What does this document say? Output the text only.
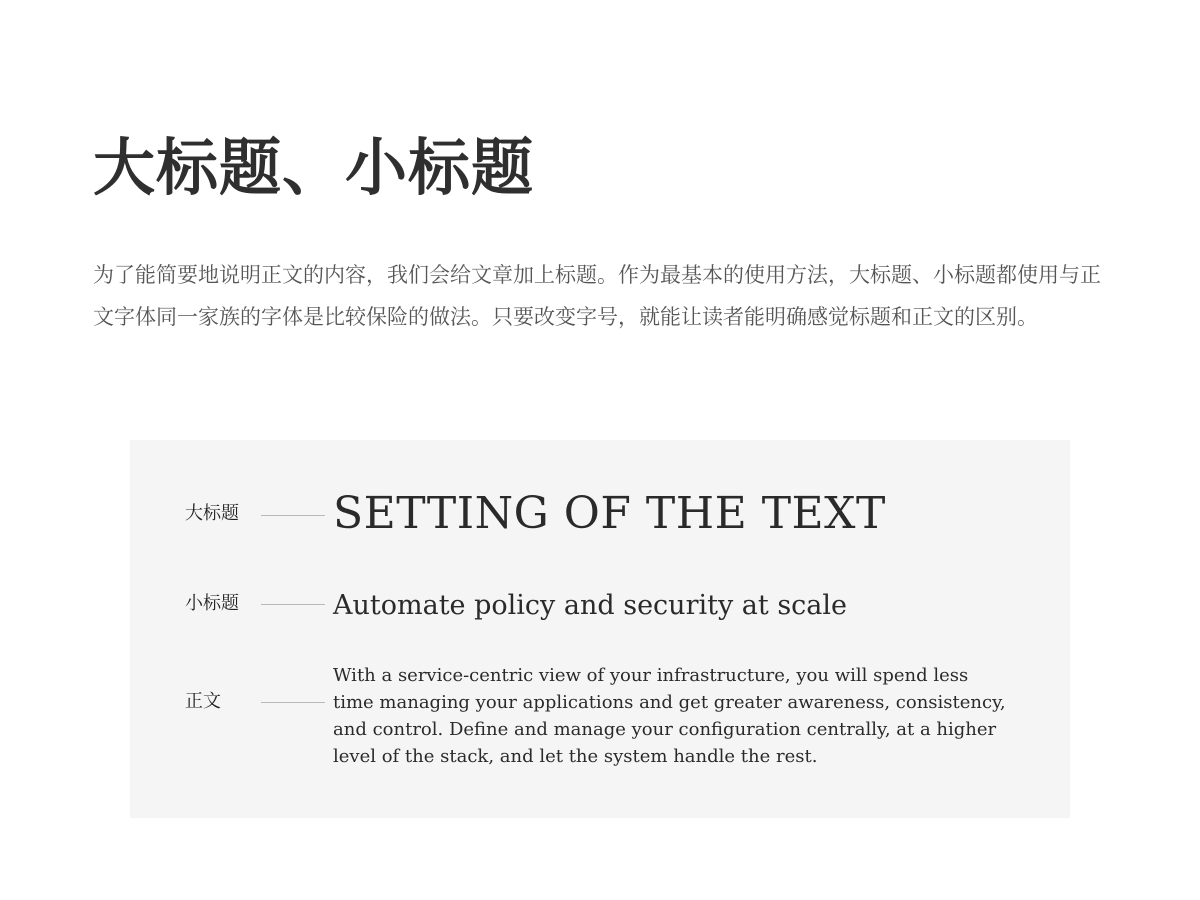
大标题、小标题

为了能简要地说明正文的内容，我们会给文章加上标题。作为最基本的使用方法，大标题、小标题都使用与正文字体同一家族的字体是比较保险的做法。只要改变字号，就能让读者能明确感觉标题和正文的区别。

大标题 SETTING OF THE TEXT
小标题	Automate policy and security at scale
正文
With a service-centric view of your infrastructure, you will spend less time managing your applications and get greater awareness, consistency, and control. Define and manage your configuration centrally, at a higher level of the stack, and let the system handle the rest.
